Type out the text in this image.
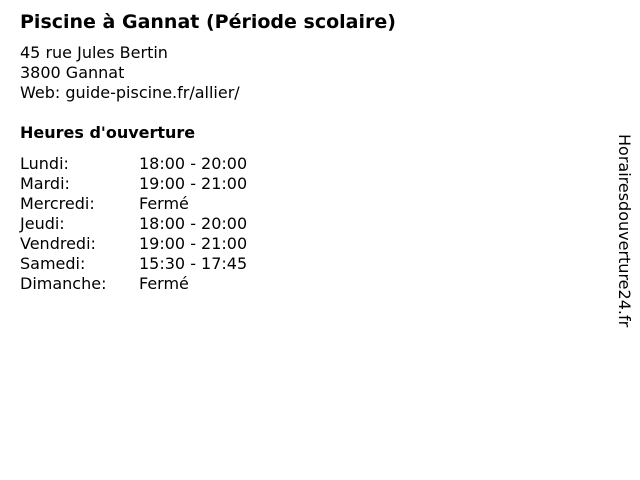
Piscine à Gannat (Période scolaire)
45 rue Jules Bertin
3800 Gannat
Web: guide-piscine.fr/allier/
Heures d'ouverture
Lundi:	18:00 - 20:00
Mardi:	19:00 - 21:00
Mercredi:	Fermé
Jeudi:	18:00 - 20:00
Vendredi:	19:00 - 21:00
Samedi:	15:30 - 17:45
Dimanche:	Fermé	Horairesdouverture24.fr
